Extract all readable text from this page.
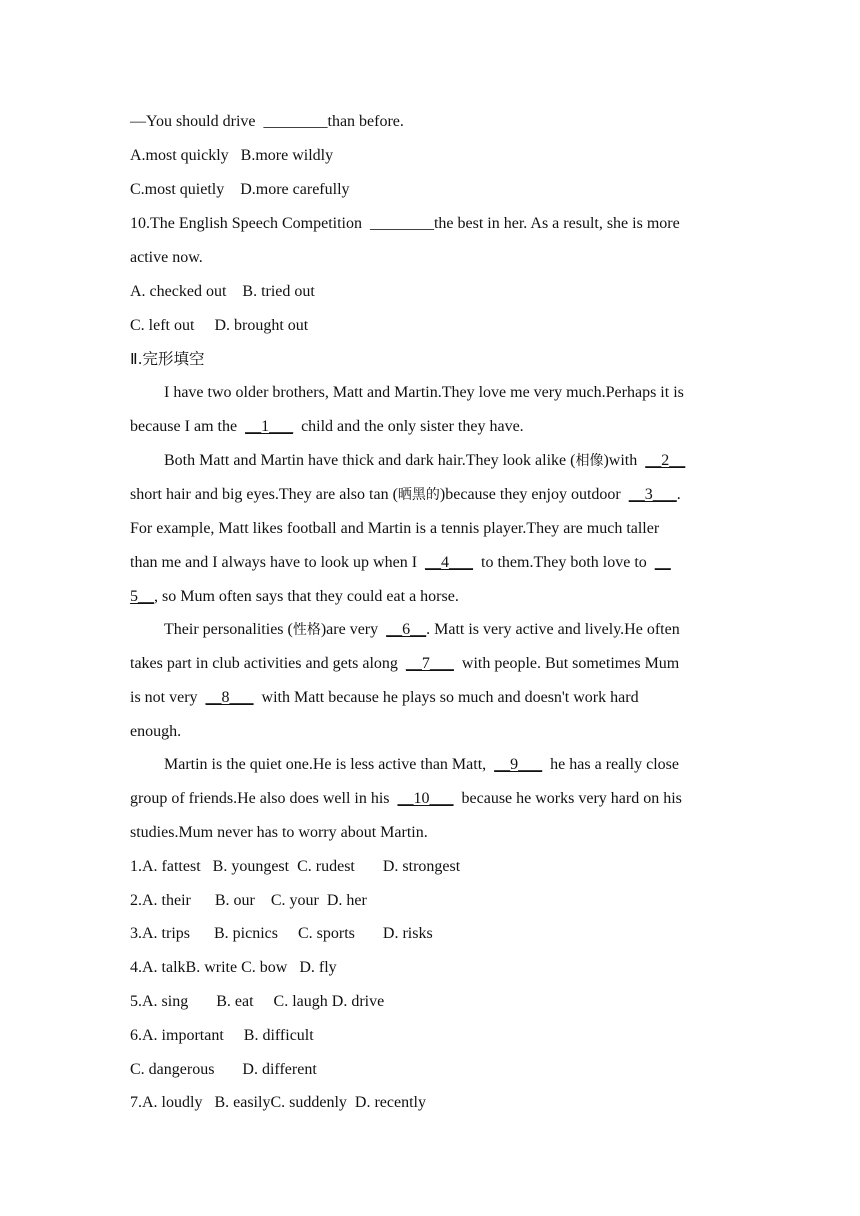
—You should drive  ________than before.
A.most quickly   B.more wildly
C.most quietly    D.more carefully
10.The English Speech Competition  ________the best in her. As a result, she is more
active now.
A. checked out    B. tried out
C. left out     D. brought out
Ⅱ.完形填空
I have two older brothers, Matt and Martin.They love me very much.Perhaps it is
because I am the  __1___  child and the only sister they have.
Both Matt and Martin have thick and dark hair.They look alike (相像)with  __2__
short hair and big eyes.They are also tan (晒黑的)because they enjoy outdoor  __3___.
For example, Matt likes football and Martin is a tennis player.They are much taller
than me and I always have to look up when I  __4___  to them.They both love to  __
5__, so Mum often says that they could eat a horse.
Their personalities (性格)are very  __6__. Matt is very active and lively.He often
takes part in club activities and gets along  __7___  with people. But sometimes Mum
is not very  __8___  with Matt because he plays so much and doesn't work hard
enough.
Martin is the quiet one.He is less active than Matt,  __9___  he has a really close
group of friends.He also does well in his  __10___  because he works very hard on his
studies.Mum never has to worry about Martin.
1.A. fattest   B. youngest  C. rudest       D. strongest
2.A. their      B. our    C. your  D. her
3.A. trips      B. picnics     C. sports       D. risks
4.A. talkB. write C. bow   D. fly
5.A. sing       B. eat     C. laugh D. drive
6.A. important     B. difficult
C. dangerous       D. different
7.A. loudly   B. easilyC. suddenly  D. recently
